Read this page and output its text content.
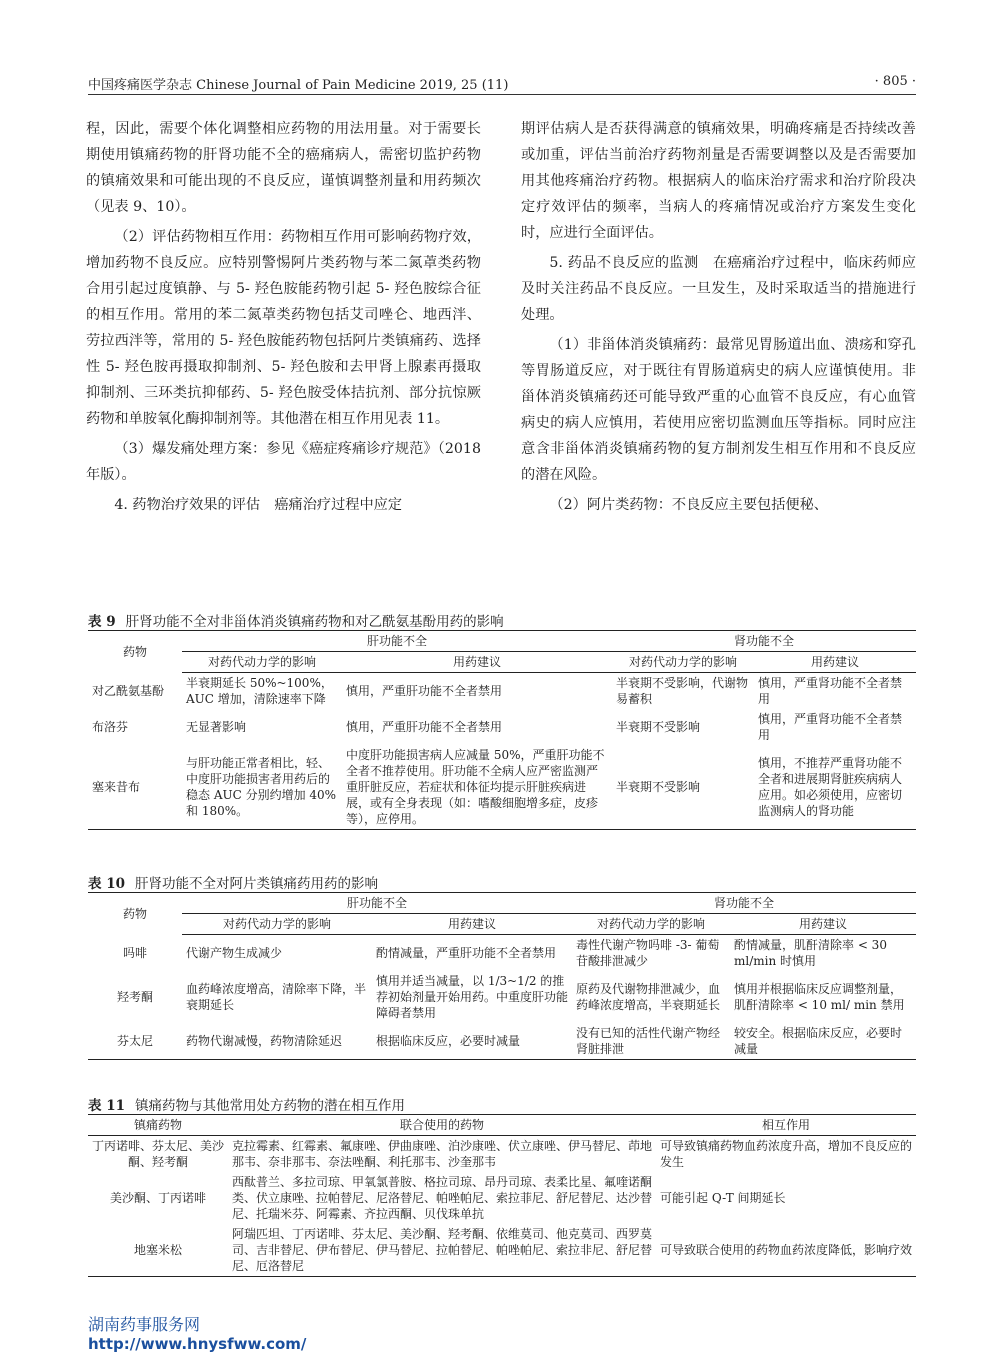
中国疼痛医学杂志 Chinese Journal of Pain Medicine 2019, 25 (11)	· 805 ·

程，因此，需要个体化调整相应药物的用法用量。对于需要长期使用镇痛药物的肝肾功能不全的癌痛病人，需密切监护药物的镇痛效果和可能出现的不良反应，谨慎调整剂量和用药频次（见表 9、10）。

（2）评估药物相互作用：药物相互作用可影响药物疗效，增加药物不良反应。应特别警惕阿片类药物与苯二氮䓬类药物合用引起过度镇静、与 5- 羟色胺能药物引起 5- 羟色胺综合征的相互作用。常用的苯二氮䓬类药物包括艾司唑仑、地西泮、劳拉西泮等，常用的 5- 羟色胺能药物包括阿片类镇痛药、选择性 5- 羟色胺再摄取抑制剂、5- 羟色胺和去甲肾上腺素再摄取抑制剂、三环类抗抑郁药、5- 羟色胺受体拮抗剂、部分抗惊厥药物和单胺氧化酶抑制剂等。其他潜在相互作用见表 11。

（3）爆发痛处理方案：参见《癌症疼痛诊疗规范》（2018 年版）。

4. 药物治疗效果的评估　癌痛治疗过程中应定

期评估病人是否获得满意的镇痛效果，明确疼痛是否持续改善或加重，评估当前治疗药物剂量是否需要调整以及是否需要加用其他疼痛治疗药物。根据病人的临床治疗需求和治疗阶段决定疗效评估的频率，当病人的疼痛情况或治疗方案发生变化时，应进行全面评估。

5. 药品不良反应的监测　在癌痛治疗过程中，临床药师应及时关注药品不良反应。一旦发生，及时采取适当的措施进行处理。

（1）非甾体消炎镇痛药：最常见胃肠道出血、溃疡和穿孔等胃肠道反应，对于既往有胃肠道病史的病人应谨慎使用。非甾体消炎镇痛药还可能导致严重的心血管不良反应，有心血管病史的病人应慎用，若使用应密切监测血压等指标。同时应注意含非甾体消炎镇痛药物的复方制剂发生相互作用和不良反应的潜在风险。

（2）阿片类药物：不良反应主要包括便秘、

表 9 肝肾功能不全对非甾体消炎镇痛药物和对乙酰氨基酚用药的影响
药物	肝功能不全		肾功能不全	
	对药代动力学的影响	用药建议	对药代动力学的影响	用药建议
对乙酰氨基酚	半衰期延长 50%~100%，AUC 增加，清除速率下降	慎用，严重肝功能不全者禁用	半衰期不受影响，代谢物易蓄积	慎用，严重肾功能不全者禁用
布洛芬	无显著影响	慎用，严重肝功能不全者禁用	半衰期不受影响	慎用，严重肾功能不全者禁用
塞来昔布	与肝功能正常者相比，轻、中度肝功能损害者用药后的稳态 AUC 分别约增加 40% 和 180%。	中度肝功能损害病人应减量 50%，严重肝功能不全者不推荐使用。肝功能不全病人应严密监测严重肝脏反应，若症状和体征均提示肝脏疾病进展，或有全身表现（如：嗜酸细胞增多症，皮疹等），应停用。	半衰期不受影响	慎用，不推荐严重肾功能不全者和进展期肾脏疾病病人应用。如必须使用，应密切监测病人的肾功能
表 10 肝肾功能不全对阿片类镇痛药用药的影响
药物	肝功能不全		肾功能不全	
	对药代动力学的影响	用药建议	对药代动力学的影响	用药建议
吗啡	代谢产物生成减少	酌情减量，严重肝功能不全者禁用	毒性代谢产物吗啡 -3- 葡萄苷酸排泄减少	酌情减量，肌酐清除率 < 30 ml/min 时慎用
羟考酮	血药峰浓度增高，清除率下降，半衰期延长	慎用并适当减量，以 1/3~1/2 的推荐初始剂量开始用药。中重度肝功能障碍者禁用	原药及代谢物排泄减少，血药峰浓度增高，半衰期延长	慎用并根据临床反应调整剂量，肌酐清除率 < 10 ml/ min 禁用
芬太尼	药物代谢减慢，药物清除延迟	根据临床反应，必要时减量	没有已知的活性代谢产物经肾脏排泄	较安全。根据临床反应，必要时减量
表 11 镇痛药物与其他常用处方药物的潜在相互作用
镇痛药物	联合使用的药物	相互作用
丁丙诺啡、芬太尼、美沙酮、羟考酮	克拉霉素、红霉素、氟康唑、伊曲康唑、泊沙康唑、伏立康唑、伊马替尼、茚地那韦、奈非那韦、奈法唑酮、利托那韦、沙奎那韦	可导致镇痛药物血药浓度升高，增加不良反应的发生
美沙酮、丁丙诺啡	西酞普兰、多拉司琼、甲氧氯普胺、格拉司琼、昂丹司琼、表柔比星、氟喹诺酮类、伏立康唑、拉帕替尼、尼洛替尼、帕唑帕尼、索拉菲尼、舒尼替尼、达沙替尼、托瑞米芬、阿霉素、齐拉西酮、贝伐珠单抗	可能引起 Q-T 间期延长
地塞米松	阿瑞匹坦、丁丙诺啡、芬太尼、美沙酮、羟考酮、依维莫司、他克莫司、西罗莫司、吉非替尼、伊布替尼、伊马替尼、拉帕替尼、帕唑帕尼、索拉非尼、舒尼替尼、厄洛替尼	可导致联合使用的药物血药浓度降低，影响疗效
湖南药事服务网
http://www.hnysfww.com/
